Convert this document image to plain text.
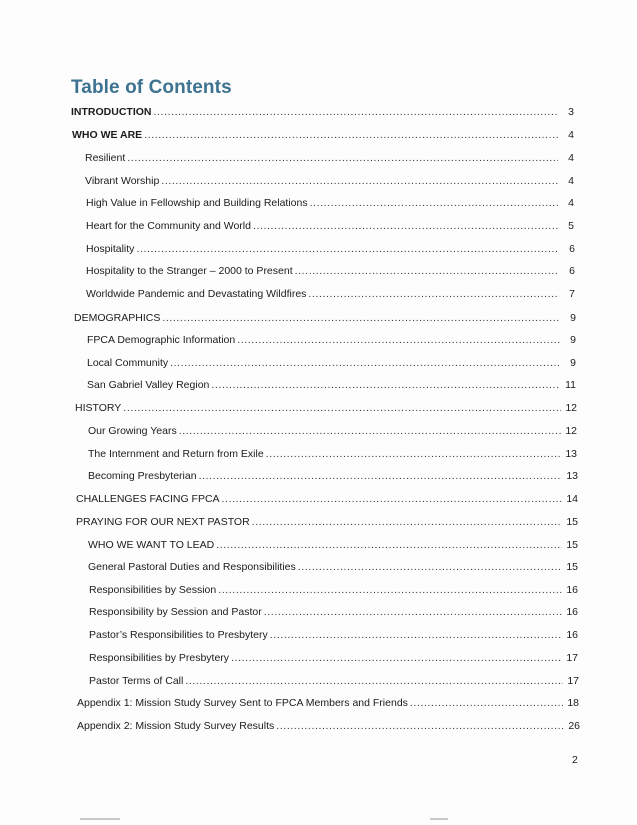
Table of Contents
INTRODUCTION .....	3
WHO WE ARE .....	4
Resilient .....	4
Vibrant Worship .....	4
High Value in Fellowship and Building Relations .....	4
Heart for the Community and World .....	5
Hospitality .....	6
Hospitality to the Stranger – 2000 to Present .....	6
Worldwide Pandemic and Devastating Wildfires .....	7
DEMOGRAPHICS .....	9
FPCA Demographic Information .....	9
Local Community .....	9
San Gabriel Valley Region .....	11
HISTORY .....	12
Our Growing Years .....	12
The Internment and Return from Exile .....	13
Becoming Presbyterian .....	13
CHALLENGES FACING FPCA .....	14
PRAYING FOR OUR NEXT PASTOR .....	15
WHO WE WANT TO LEAD .....	15
General Pastoral Duties and Responsibilities .....	15
Responsibilities by Session .....	16
Responsibility by Session and Pastor .....	16
Pastor’s Responsibilities to Presbytery .....	16
Responsibilities by Presbytery .....	17
Pastor Terms of Call .....	17
Appendix 1: Mission Study Survey Sent to FPCA Members and Friends .....	18
Appendix 2: Mission Study Survey Results .....	26
2
